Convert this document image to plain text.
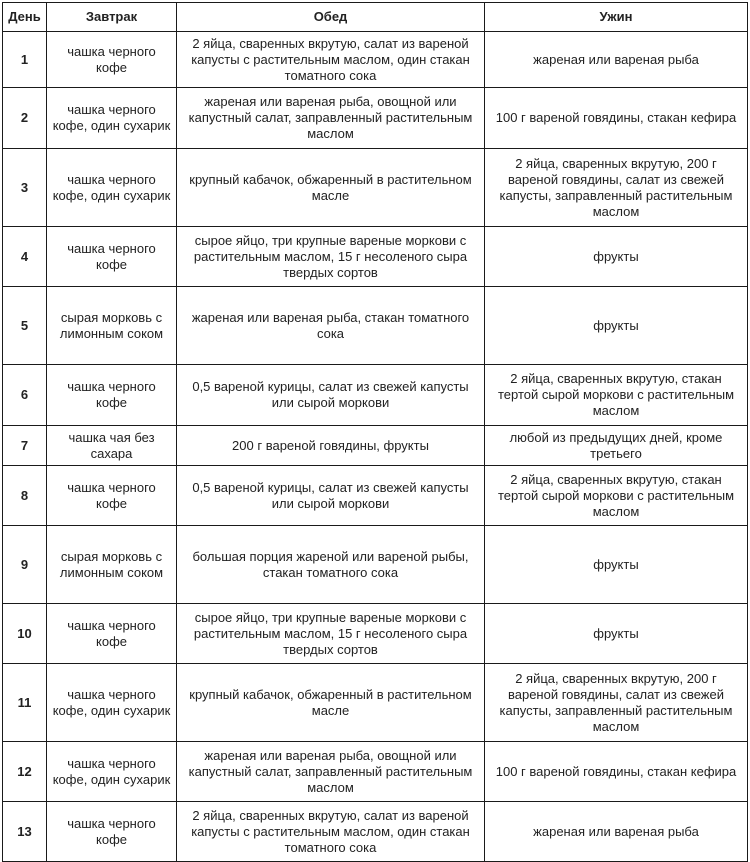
День	Завтрак	Обед	Ужин
1	чашка черного кофе	2 яйца, сваренных вкрутую, салат из вареной капусты с растительным маслом, один стакан томатного сока	жареная или вареная рыба
2	чашка черного кофе, один сухарик	жареная или вареная рыба, овощной или капустный салат, заправленный растительным маслом	100 г вареной говядины, стакан кефира
3	чашка черного кофе, один сухарик	крупный кабачок, обжаренный в растительном масле	2 яйца, сваренных вкрутую, 200 г вареной говядины, салат из свежей капусты, заправленный растительным маслом
4	чашка черного кофе	сырое яйцо, три крупные вареные моркови с растительным маслом, 15 г несоленого сыра твердых сортов	фрукты
5	сырая морковь с лимонным соком	жареная или вареная рыба, стакан томатного сока	фрукты
6	чашка черного кофе	0,5 вареной курицы, салат из свежей капусты или сырой моркови	2 яйца, сваренных вкрутую, стакан тертой сырой моркови с растительным маслом
7	чашка чая без сахара	200 г вареной говядины, фрукты	любой из предыдущих дней, кроме третьего
8	чашка черного кофе	0,5 вареной курицы, салат из свежей капусты или сырой моркови	2 яйца, сваренных вкрутую, стакан тертой сырой моркови с растительным маслом
9	сырая морковь с лимонным соком	большая порция жареной или вареной рыбы, стакан томатного сока	фрукты
10	чашка черного кофе	сырое яйцо, три крупные вареные моркови с растительным маслом, 15 г несоленого сыра твердых сортов	фрукты
11	чашка черного кофе, один сухарик	крупный кабачок, обжаренный в растительном масле	2 яйца, сваренных вкрутую, 200 г вареной говядины, салат из свежей капусты, заправленный растительным маслом
12	чашка черного кофе, один сухарик	жареная или вареная рыба, овощной или капустный салат, заправленный растительным маслом	100 г вареной говядины, стакан кефира
13	чашка черного кофе	2 яйца, сваренных вкрутую, салат из вареной капусты с растительным маслом, один стакан томатного сока	жареная или вареная рыба
